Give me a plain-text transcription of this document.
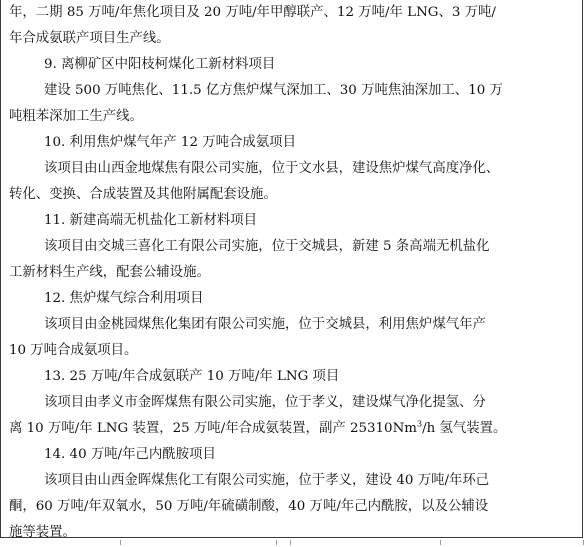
年，二期 85 万吨/年焦化项目及 20 万吨/年甲醇联产、12 万吨/年 LNG、3 万吨/
年合成氨联产项目生产线。
9. 离柳矿区中阳枝柯煤化工新材料项目
建设 500 万吨焦化、11.5 亿方焦炉煤气深加工、30 万吨焦油深加工、10 万
吨粗苯深加工生产线。
10. 利用焦炉煤气年产 12 万吨合成氨项目
该项目由山西金地煤焦有限公司实施，位于文水县，建设焦炉煤气高度净化、
转化、变换、合成装置及其他附属配套设施。
11. 新建高端无机盐化工新材料项目
该项目由交城三喜化工有限公司实施，位于交城县，新建 5 条高端无机盐化
工新材料生产线，配套公辅设施。
12. 焦炉煤气综合利用项目
该项目由金桃园煤焦化集团有限公司实施，位于交城县，利用焦炉煤气年产
10 万吨合成氨项目。
13. 25 万吨/年合成氨联产 10 万吨/年 LNG 项目
该项目由孝义市金晖煤焦有限公司实施，位于孝义，建设煤气净化提氢、分
离 10 万吨/年 LNG 装置，25 万吨/年合成氨装置，副产 25310Nm$^3$/h 氢气装置。
14. 40 万吨/年己内酰胺项目
该项目由山西金晖煤焦化工有限公司实施，位于孝义，建设 40 万吨/年环己
酮，60 万吨/年双氧水，50 万吨/年硫磺制酸，40 万吨/年己内酰胺，以及公辅设
施等装置。
